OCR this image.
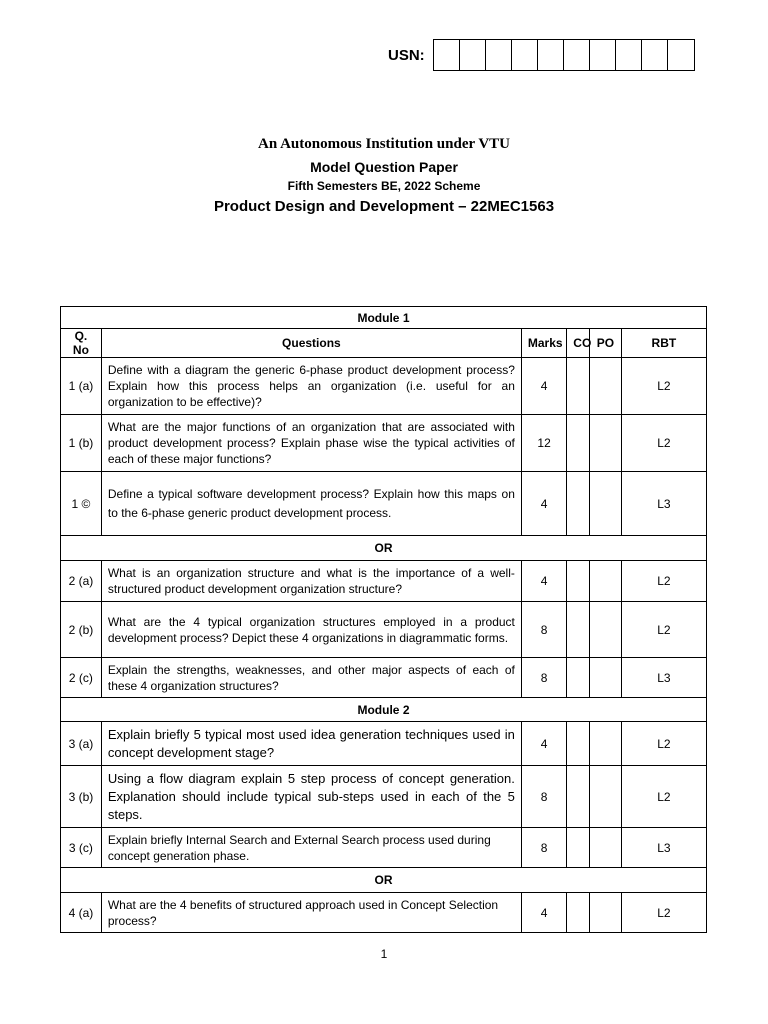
USN:
An Autonomous Institution under VTU
Model Question Paper
Fifth Semesters BE, 2022 Scheme
Product Design and Development – 22MEC1563
Module 1					
Q. No	Questions	Marks	CO	PO	RBT
1 (a)	Define with a diagram the generic 6-phase product development process? Explain how this process helps an organization (i.e. useful for an organization to be effective)?	4			L2
1 (b)	What are the major functions of an organization that are associated with product development process? Explain phase wise the typical activities of each of these major functions?	12			L2
1 ©	Define a typical software development process? Explain how this maps on to the 6-phase generic product development process.	4			L3
OR					
2 (a)	What is an organization structure and what is the importance of a well-structured product development organization structure?	4			L2
2 (b)	What are the 4 typical organization structures employed in a product development process? Depict these 4 organizations in diagrammatic forms.	8			L2
2 (c)	Explain the strengths, weaknesses, and other major aspects of each of these 4 organization structures?	8			L3
Module 2					
3 (a)	Explain briefly 5 typical most used idea generation techniques used in concept development stage?	4			L2
3 (b)	Using a flow diagram explain 5 step process of concept generation. Explanation should include typical sub-steps used in each of the 5 steps.	8			L2
3 (c)	Explain briefly Internal Search and External Search process used during concept generation phase.	8			L3
OR					
4 (a)	What are the 4 benefits of structured approach used in Concept Selection process?	4			L2
1
